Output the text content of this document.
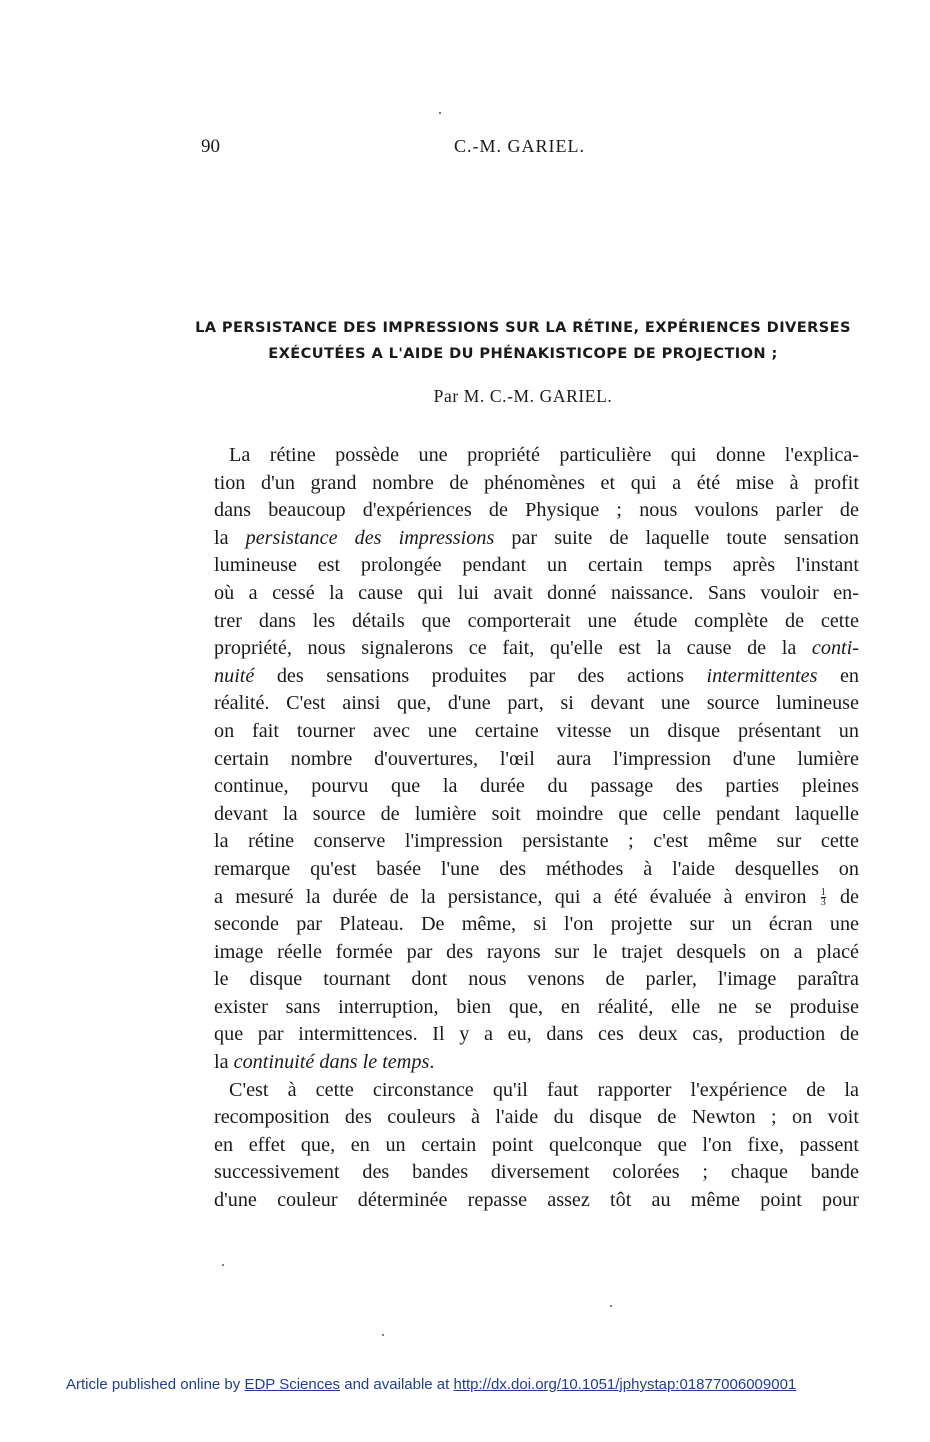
90	C.-M. GARIEL.
LA PERSISTANCE DES IMPRESSIONS SUR LA RÉTINE, EXPÉRIENCES DIVERSES
EXÉCUTÉES A L'AIDE DU PHÉNAKISTICOPE DE PROJECTION ;
Par M. C.-M. GARIEL.
La rétine possède une propriété particulière qui donne l'explica-
tion d'un grand nombre de phénomènes et qui a été mise à profit
dans beaucoup d'expériences de Physique ; nous voulons parler de
la persistance des impressions par suite de laquelle toute sensation
lumineuse est prolongée pendant un certain temps après l'instant
où a cessé la cause qui lui avait donné naissance. Sans vouloir en-
trer dans les détails que comporterait une étude complète de cette
propriété, nous signalerons ce fait, qu'elle est la cause de la conti-
nuité des sensations produites par des actions intermittentes en
réalité. C'est ainsi que, d'une part, si devant une source lumineuse
on fait tourner avec une certaine vitesse un disque présentant un
certain nombre d'ouvertures, l'œil aura l'impression d'une lumière
continue, pourvu que la durée du passage des parties pleines
devant la source de lumière soit moindre que celle pendant laquelle
la rétine conserve l'impression persistante ; c'est même sur cette
remarque qu'est basée l'une des méthodes à l'aide desquelles on
a mesuré la durée de la persistance, qui a été évaluée à environ $\frac{1}{3}$ de
seconde par Plateau. De même, si l'on projette sur un écran une
image réelle formée par des rayons sur le trajet desquels on a placé
le disque tournant dont nous venons de parler, l'image paraîtra
exister sans interruption, bien que, en réalité, elle ne se produise
que par intermittences. Il y a eu, dans ces deux cas, production de
la continuité dans le temps.
C'est à cette circonstance qu'il faut rapporter l'expérience de la
recomposition des couleurs à l'aide du disque de Newton ; on voit
en effet que, en un certain point quelconque que l'on fixe, passent
successivement des bandes diversement colorées ; chaque bande
d'une couleur déterminée repasse assez tôt au même point pour
Article published online by EDP Sciences and available at http://dx.doi.org/10.1051/jphystap:01877006009001
